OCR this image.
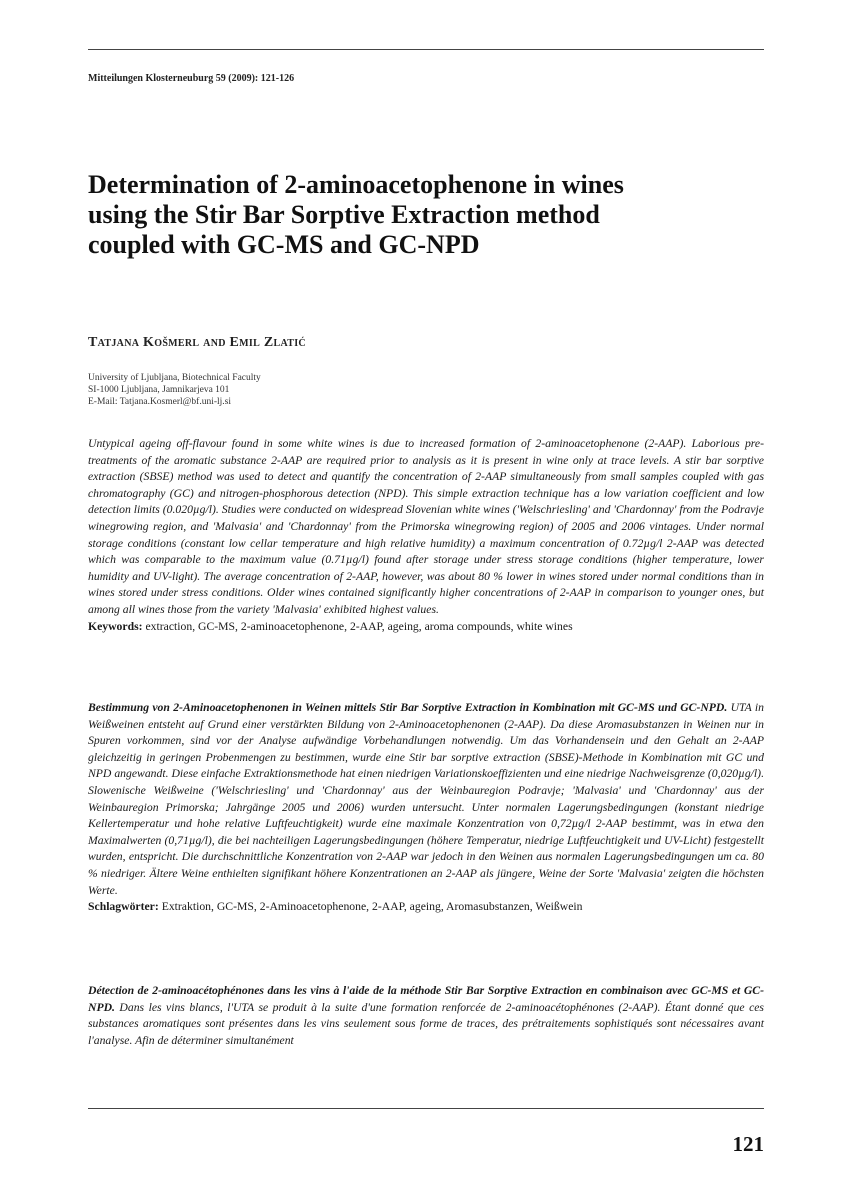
Mitteilungen Klosterneuburg 59 (2009): 121-126
Determination of 2-aminoacetophenone in wines
using the Stir Bar Sorptive Extraction method
coupled with GC-MS and GC-NPD
Tatjana Košmerl and Emil Zlatić
University of Ljubljana, Biotechnical Faculty
SI-1000 Ljubljana, Jamnikarjeva 101
E-Mail: Tatjana.Kosmerl@bf.uni-lj.si
Untypical ageing off-flavour found in some white wines is due to increased formation of 2-aminoacetophenone (2-AAP). Laborious pre-treatments of the aromatic substance 2-AAP are required prior to analysis as it is present in wine only at trace levels. A stir bar sorptive extraction (SBSE) method was used to detect and quantify the concentration of 2-AAP simultaneously from small samples coupled with gas chromatography (GC) and nitrogen-phosphorous detection (NPD). This simple extraction technique has a low variation coefficient and low detection limits (0.020µg/l). Studies were conducted on widespread Slovenian white wines ('Welschriesling' and 'Chardonnay' from the Podravje winegrowing region, and 'Malvasia' and 'Chardonnay' from the Primorska winegrowing region) of 2005 and 2006 vintages. Under normal storage conditions (constant low cellar temperature and high relative humidity) a maximum concentration of 0.72µg/l 2-AAP was detected which was comparable to the maximum value (0.71µg/l) found after storage under stress storage conditions (higher temperature, lower humidity and UV-light). The average concentration of 2-AAP, however, was about 80 % lower in wines stored under normal conditions than in wines stored under stress conditions. Older wines contained significantly higher concentrations of 2-AAP in comparison to younger ones, but among all wines those from the variety 'Malvasia' exhibited highest values.
Keywords: extraction, GC-MS, 2-aminoacetophenone, 2-AAP, ageing, aroma compounds, white wines
Bestimmung von 2-Aminoacetophenonen in Weinen mittels Stir Bar Sorptive Extraction in Kombination mit GC-MS und GC-NPD. UTA in Weißweinen entsteht auf Grund einer verstärkten Bildung von 2-Aminoacetophenonen (2-AAP). Da diese Aromasubstanzen in Weinen nur in Spuren vorkommen, sind vor der Analyse aufwändige Vorbehandlungen notwendig. Um das Vorhandensein und den Gehalt an 2-AAP gleichzeitig in geringen Probenmengen zu bestimmen, wurde eine Stir bar sorptive extraction (SBSE)-Methode in Kombination mit GC und NPD angewandt. Diese einfache Extraktionsmethode hat einen niedrigen Variationskoeffizienten und eine niedrige Nachweisgrenze (0,020µg/l). Slowenische Weißweine ('Welschriesling' und 'Chardonnay' aus der Weinbauregion Podravje; 'Malvasia' und 'Chardonnay' aus der Weinbauregion Primorska; Jahrgänge 2005 und 2006) wurden untersucht. Unter normalen Lagerungsbedingungen (konstant niedrige Kellertemperatur und hohe relative Luftfeuchtigkeit) wurde eine maximale Konzentration von 0,72µg/l 2-AAP bestimmt, was in etwa den Maximalwerten (0,71µg/l), die bei nachteiligen Lagerungsbedingungen (höhere Temperatur, niedrige Luftfeuchtigkeit und UV-Licht) festgestellt wurden, entspricht. Die durchschnittliche Konzentration von 2-AAP war jedoch in den Weinen aus normalen Lagerungsbedingungen um ca. 80 % niedriger. Ältere Weine enthielten signifikant höhere Konzentrationen an 2-AAP als jüngere, Weine der Sorte 'Malvasia' zeigten die höchsten Werte.
Schlagwörter: Extraktion, GC-MS, 2-Aminoacetophenone, 2-AAP, ageing, Aromasubstanzen, Weißwein
Détection de 2-aminoacétophénones dans les vins à l'aide de la méthode Stir Bar Sorptive Extraction en combinaison avec GC-MS et GC-NPD. Dans les vins blancs, l'UTA se produit à la suite d'une formation renforcée de 2-aminoacétophénones (2-AAP). Étant donné que ces substances aromatiques sont présentes dans les vins seulement sous forme de traces, des prétraitements sophistiqués sont nécessaires avant l'analyse. Afin de déterminer simultanément
121
